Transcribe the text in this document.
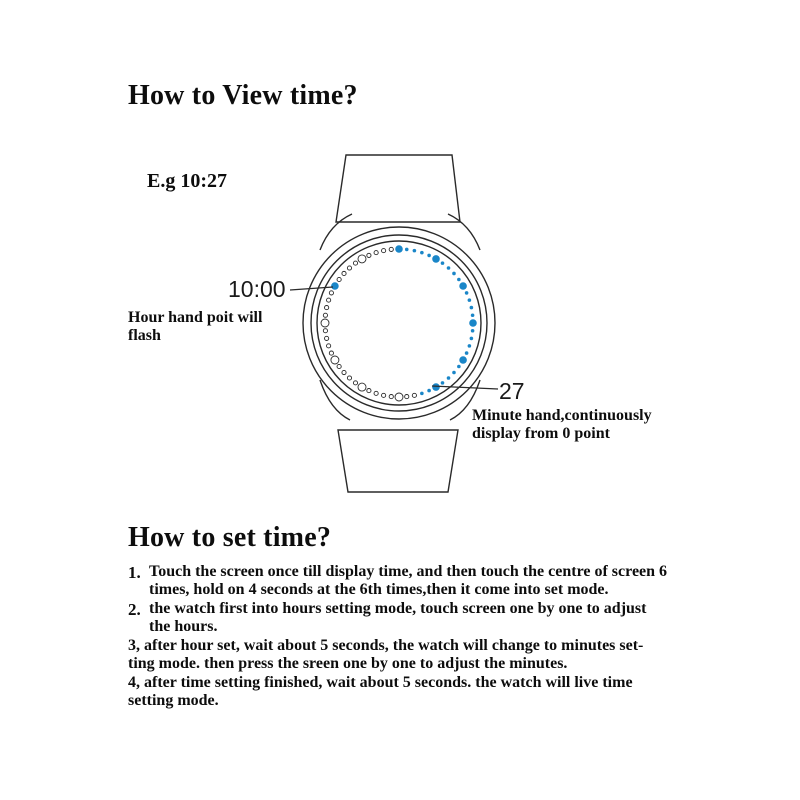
How to View time?
E.g 10:27
10:00
27
Hour hand poit will
flash
Minute hand,continuously
display from 0 point
How to set time?
1. Touch the screen once till display time, and then touch the centre of screen 6
times, hold on 4 seconds at the 6th times,then it come into set mode.
2. the watch first into hours setting mode, touch screen one by one to adjust
the hours.
3, after hour set, wait about 5 seconds, the watch will change to minutes set-
ting mode. then press the sreen one by one to adjust the minutes.
4, after time setting finished, wait about 5 seconds. the watch will live time
setting mode.
